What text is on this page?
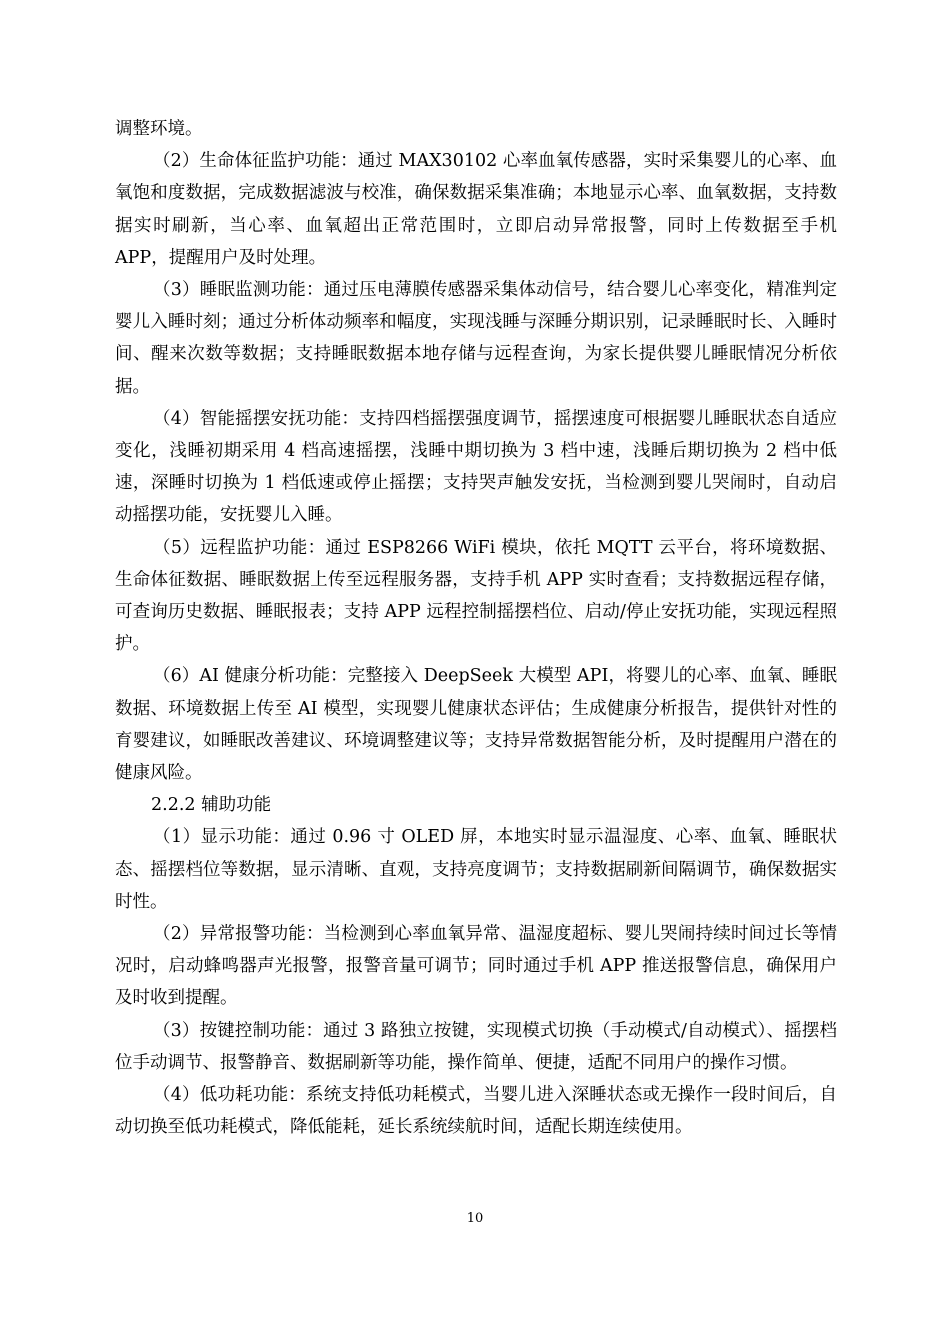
调整环境。

（2）生命体征监护功能：通过 MAX30102 心率血氧传感器，实时采集婴儿的心率、血氧饱和度数据，完成数据滤波与校准，确保数据采集准确；本地显示心率、血氧数据，支持数据实时刷新，当心率、血氧超出正常范围时，立即启动异常报警，同时上传数据至手机 APP，提醒用户及时处理。

（3）睡眠监测功能：通过压电薄膜传感器采集体动信号，结合婴儿心率变化，精准判定婴儿入睡时刻；通过分析体动频率和幅度，实现浅睡与深睡分期识别，记录睡眠时长、入睡时间、醒来次数等数据；支持睡眠数据本地存储与远程查询，为家长提供婴儿睡眠情况分析依据。

（4）智能摇摆安抚功能：支持四档摇摆强度调节，摇摆速度可根据婴儿睡眠状态自适应变化，浅睡初期采用 4 档高速摇摆，浅睡中期切换为 3 档中速，浅睡后期切换为 2 档中低速，深睡时切换为 1 档低速或停止摇摆；支持哭声触发安抚，当检测到婴儿哭闹时，自动启动摇摆功能，安抚婴儿入睡。

（5）远程监护功能：通过 ESP8266 WiFi 模块，依托 MQTT 云平台，将环境数据、生命体征数据、睡眠数据上传至远程服务器，支持手机 APP 实时查看；支持数据远程存储，可查询历史数据、睡眠报表；支持 APP 远程控制摇摆档位、启动/停止安抚功能，实现远程照护。

（6）AI 健康分析功能：完整接入 DeepSeek 大模型 API，将婴儿的心率、血氧、睡眠数据、环境数据上传至 AI 模型，实现婴儿健康状态评估；生成健康分析报告，提供针对性的育婴建议，如睡眠改善建议、环境调整建议等；支持异常数据智能分析，及时提醒用户潜在的健康风险。

2.2.2 辅助功能

（1）显示功能：通过 0.96 寸 OLED 屏，本地实时显示温湿度、心率、血氧、睡眠状态、摇摆档位等数据，显示清晰、直观，支持亮度调节；支持数据刷新间隔调节，确保数据实时性。

（2）异常报警功能：当检测到心率血氧异常、温湿度超标、婴儿哭闹持续时间过长等情况时，启动蜂鸣器声光报警，报警音量可调节；同时通过手机 APP 推送报警信息，确保用户及时收到提醒。

（3）按键控制功能：通过 3 路独立按键，实现模式切换（手动模式/自动模式）、摇摆档位手动调节、报警静音、数据刷新等功能，操作简单、便捷，适配不同用户的操作习惯。

（4）低功耗功能：系统支持低功耗模式，当婴儿进入深睡状态或无操作一段时间后，自动切换至低功耗模式，降低能耗，延长系统续航时间，适配长期连续使用。

10
